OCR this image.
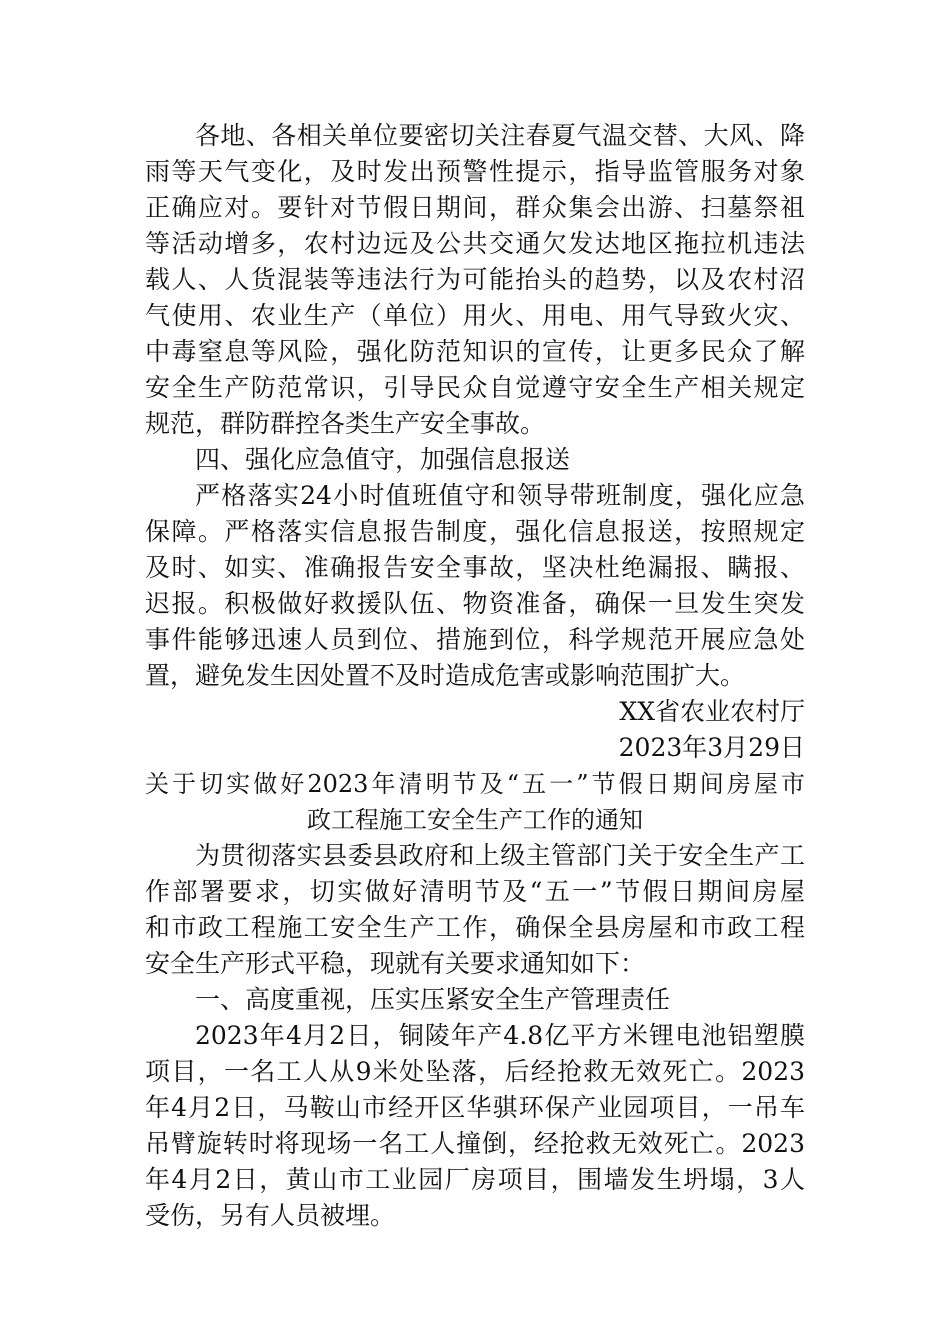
各地、各相关单位要密切关注春夏气温交替、大风、降
雨等天气变化，及时发出预警性提示，指导监管服务对象
正确应对。要针对节假日期间，群众集会出游、扫墓祭祖
等活动增多，农村边远及公共交通欠发达地区拖拉机违法
载人、人货混装等违法行为可能抬头的趋势，以及农村沼
气使用、农业生产（单位）用火、用电、用气导致火灾、
中毒窒息等风险，强化防范知识的宣传，让更多民众了解
安全生产防范常识，引导民众自觉遵守安全生产相关规定
规范，群防群控各类生产安全事故。
四、强化应急值守，加强信息报送
严格落实24小时值班值守和领导带班制度，强化应急
保障。严格落实信息报告制度，强化信息报送，按照规定
及时、如实、准确报告安全事故，坚决杜绝漏报、瞒报、
迟报。积极做好救援队伍、物资准备，确保一旦发生突发
事件能够迅速人员到位、措施到位，科学规范开展应急处
置，避免发生因处置不及时造成危害或影响范围扩大。
XX省农业农村厅
2023年3月29日
关于切实做好2023年清明节及“五一”节假日期间房屋市
政工程施工安全生产工作的通知
为贯彻落实县委县政府和上级主管部门关于安全生产工
作部署要求，切实做好清明节及“五一”节假日期间房屋
和市政工程施工安全生产工作，确保全县房屋和市政工程
安全生产形式平稳，现就有关要求通知如下：
一、高度重视，压实压紧安全生产管理责任
2023年4月2日，铜陵年产4.8亿平方米锂电池铝塑膜
项目，一名工人从9米处坠落，后经抢救无效死亡。2023
年4月2日，马鞍山市经开区华骐环保产业园项目，一吊车
吊臂旋转时将现场一名工人撞倒，经抢救无效死亡。2023
年4月2日，黄山市工业园厂房项目，围墙发生坍塌，3人
受伤，另有人员被埋。
